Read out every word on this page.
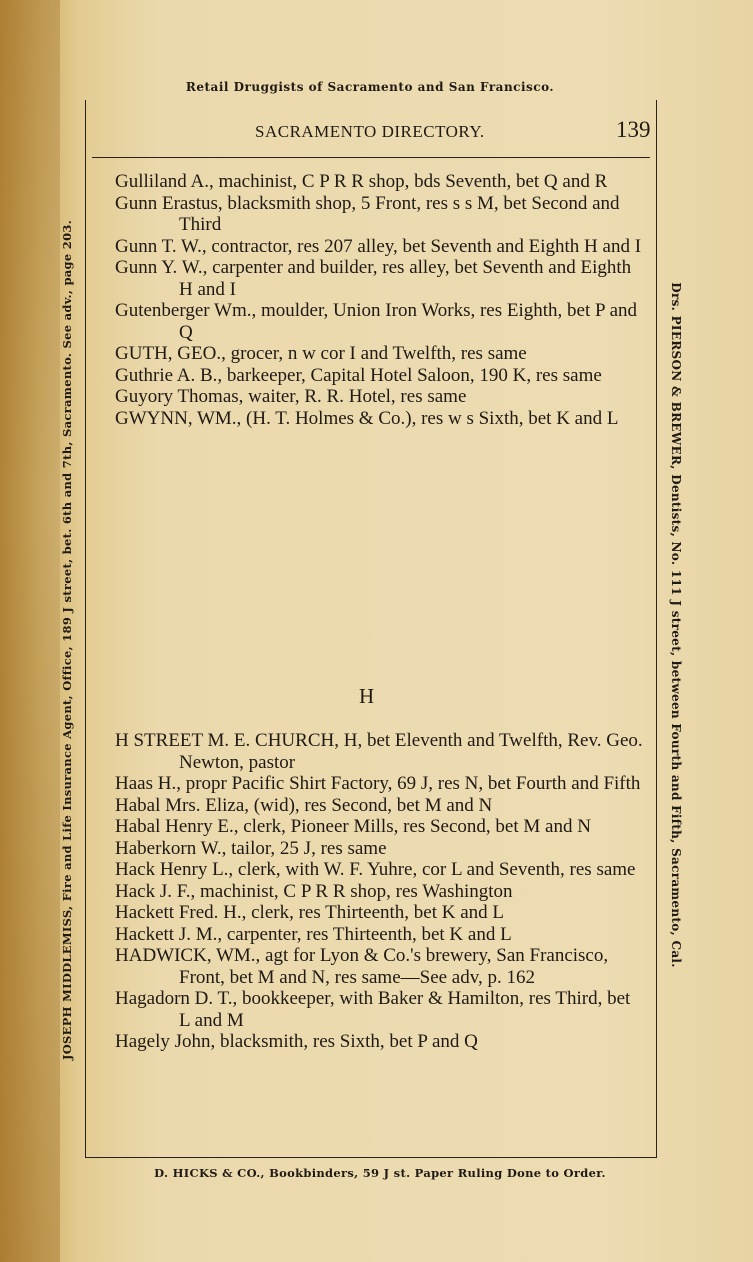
Retail Druggists of Sacramento and San Francisco.
SACRAMENTO DIRECTORY.	139
JOSEPH MIDDLEMISS, Fire and Life Insurance Agent, Office, 189 J street, bet. 6th and 7th, Sacramento. See adv., page 203.	Drs. PIERSON & BREWER, Dentists, No. 111 J street, between Fourth and Fifth, Sacramento, Cal.
Gulliland A., machinist, C P R R shop, bds Seventh, bet Q and R
Gunn Erastus, blacksmith shop, 5 Front, res s s M, bet Second and Third
Gunn T. W., contractor, res 207 alley, bet Seventh and Eighth H and I
Gunn Y. W., carpenter and builder, res alley, bet Seventh and Eighth H and I
Gutenberger Wm., moulder, Union Iron Works, res Eighth, bet P and Q
GUTH, GEO., grocer, n w cor I and Twelfth, res same
Guthrie A. B., barkeeper, Capital Hotel Saloon, 190 K, res same
Guyory Thomas, waiter, R. R. Hotel, res same
GWYNN, WM., (H. T. Holmes & Co.), res w s Sixth, bet K and L
H
H STREET M. E. CHURCH, H, bet Eleventh and Twelfth, Rev. Geo. Newton, pastor
Haas H., propr Pacific Shirt Factory, 69 J, res N, bet Fourth and Fifth
Habal Mrs. Eliza, (wid), res Second, bet M and N
Habal Henry E., clerk, Pioneer Mills, res Second, bet M and N
Haberkorn W., tailor, 25 J, res same
Hack Henry L., clerk, with W. F. Yuhre, cor L and Seventh, res same
Hack J. F., machinist, C P R R shop, res Washington
Hackett Fred. H., clerk, res Thirteenth, bet K and L
Hackett J. M., carpenter, res Thirteenth, bet K and L
HADWICK, WM., agt for Lyon & Co.'s brewery, San Francisco, Front, bet M and N, res same—See adv, p. 162
Hagadorn D. T., bookkeeper, with Baker & Hamilton, res Third, bet L and M
Hagely John, blacksmith, res Sixth, bet P and Q
D. HICKS & CO., Bookbinders, 59 J st. Paper Ruling Done to Order.
